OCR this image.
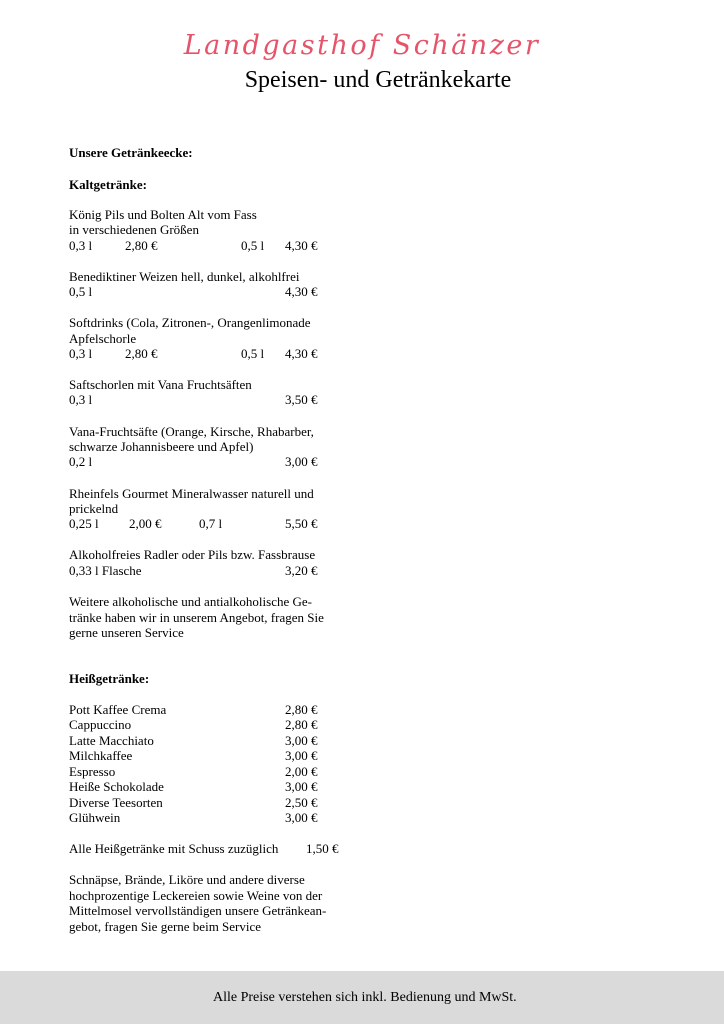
Landgasthof Schänzer
Speisen- und Getränkekarte
Unsere Getränkeecke:
Kaltgetränke:
König Pils und Bolten Alt vom Fass
in verschiedenen Größen
0,3 l	2,80 €	0,5 l 4,30 €
Benediktiner Weizen hell, dunkel, alkohlfrei
0,5 l	4,30 €
Softdrinks (Cola, Zitronen-, Orangenlimonade
Apfelschorle
0,3 l	2,80 €	0,5 l 4,30 €
Saftschorlen mit Vana Fruchtsäften
0,3 l	3,50 €
Vana-Fruchtsäfte (Orange, Kirsche, Rhabarber,
schwarze Johannisbeere und Apfel)
0,2 l	3,00 €
Rheinfels Gourmet Mineralwasser naturell und
prickelnd
0,25 l 2,00 €	0,7 l	5,50 €
Alkoholfreies Radler oder Pils bzw. Fassbrause
0,33 l Flasche	3,20 €
Weitere alkoholische und antialkoholische Ge-
tränke haben wir in unserem Angebot, fragen Sie
gerne unseren Service
Heißgetränke:
Pott Kaffee Crema	2,80 €
Cappuccino	2,80 €
Latte Macchiato	3,00 €
Milchkaffee	3,00 €
Espresso	2,00 €
Heiße Schokolade	3,00 €
Diverse Teesorten	2,50 €
Glühwein	3,00 €
Alle Heißgetränke mit Schuss zuzüglich 1,50 €
Schnäpse, Brände, Liköre und andere diverse
hochprozentige Leckereien sowie Weine von der
Mittelmosel vervollständigen unsere Getränkean-
gebot, fragen Sie gerne beim Service
Alle Preise verstehen sich inkl. Bedienung und MwSt.
